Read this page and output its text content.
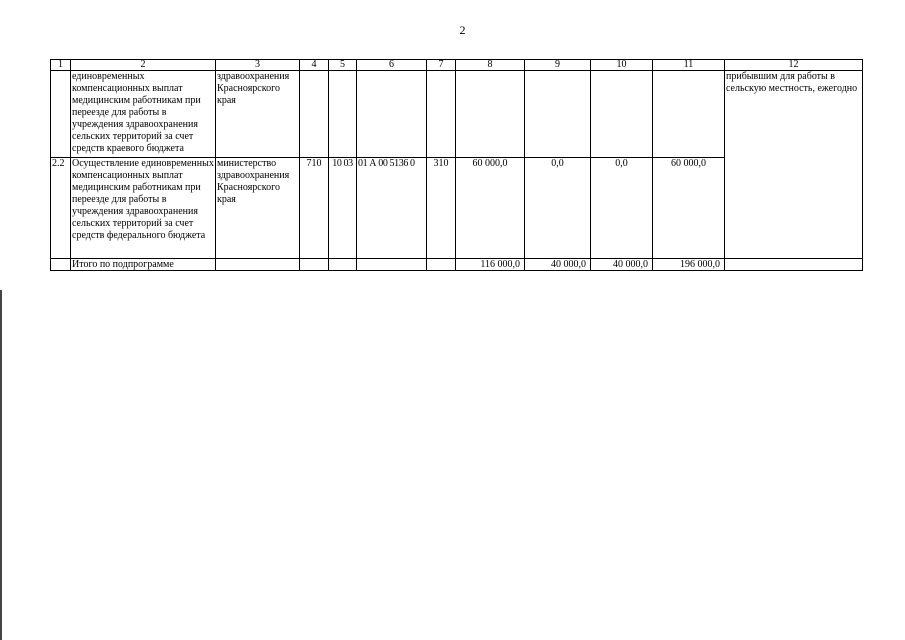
2
1	2	3	4	5	6	7	8	9	10	11	12
	единовременных компенсационных выплат медицинским работникам при переезде для работы в учреждения здравоохранения сельских территорий за счет средств краевого бюджета	здравоохранения Красноярского края									прибывшим для работы в сельскую местность, ежегодно
2.2	Осуществление единовременных компенсационных выплат медицинским работникам при переезде для работы в учреждения здравоохранения сельских территорий за счет средств федерального бюджета	министерство здравоохранения Красноярского края	710	10 03	01 А 00 5136 0	310	60 000,0	0,0	0,0	60 000,0	
	Итого по подпрограмме						116 000,0	40 000,0	40 000,0	196 000,0	
